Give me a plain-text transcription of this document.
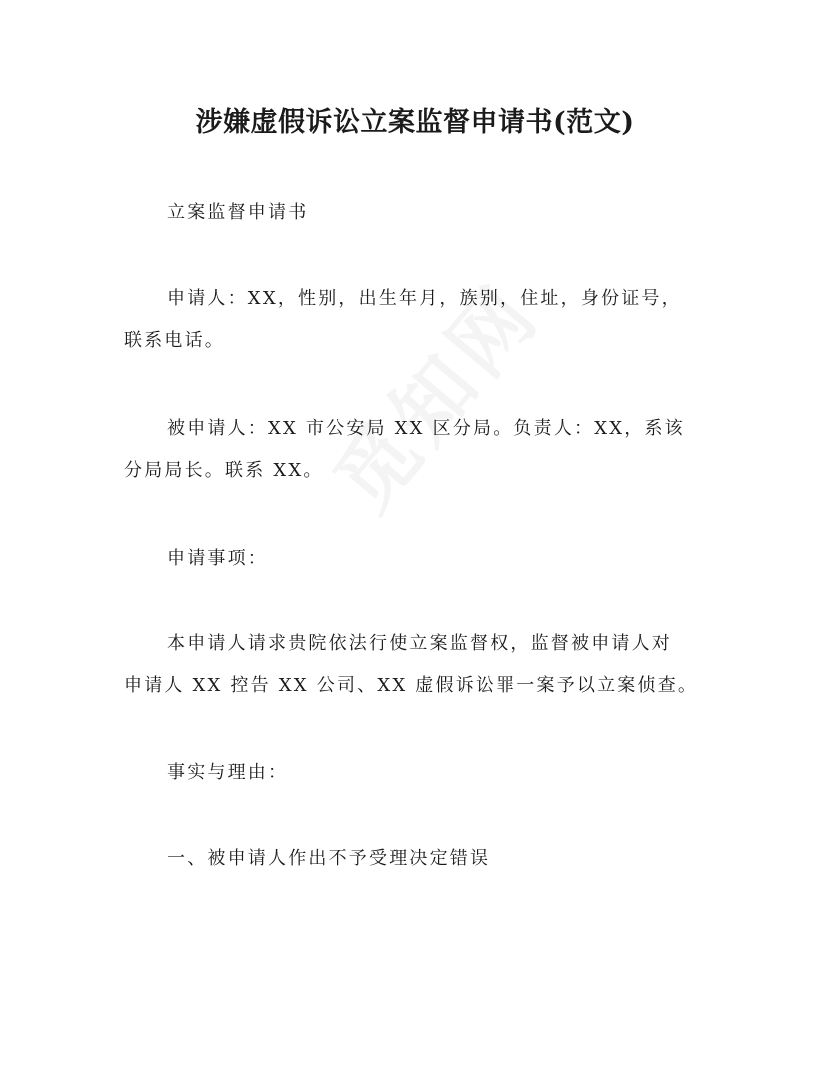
涉嫌虚假诉讼立案监督申请书(范文)
立案监督申请书
申请人：XX，性别，出生年月，族别，住址，身份证号，
联系电话。
被申请人：XX 市公安局 XX 区分局。负责人：XX，系该
分局局长。联系 XX。
申请事项：
本申请人请求贵院依法行使立案监督权，监督被申请人对
申请人 XX 控告 XX 公司、XX 虚假诉讼罪一案予以立案侦查。
事实与理由：
一、被申请人作出不予受理决定错误
